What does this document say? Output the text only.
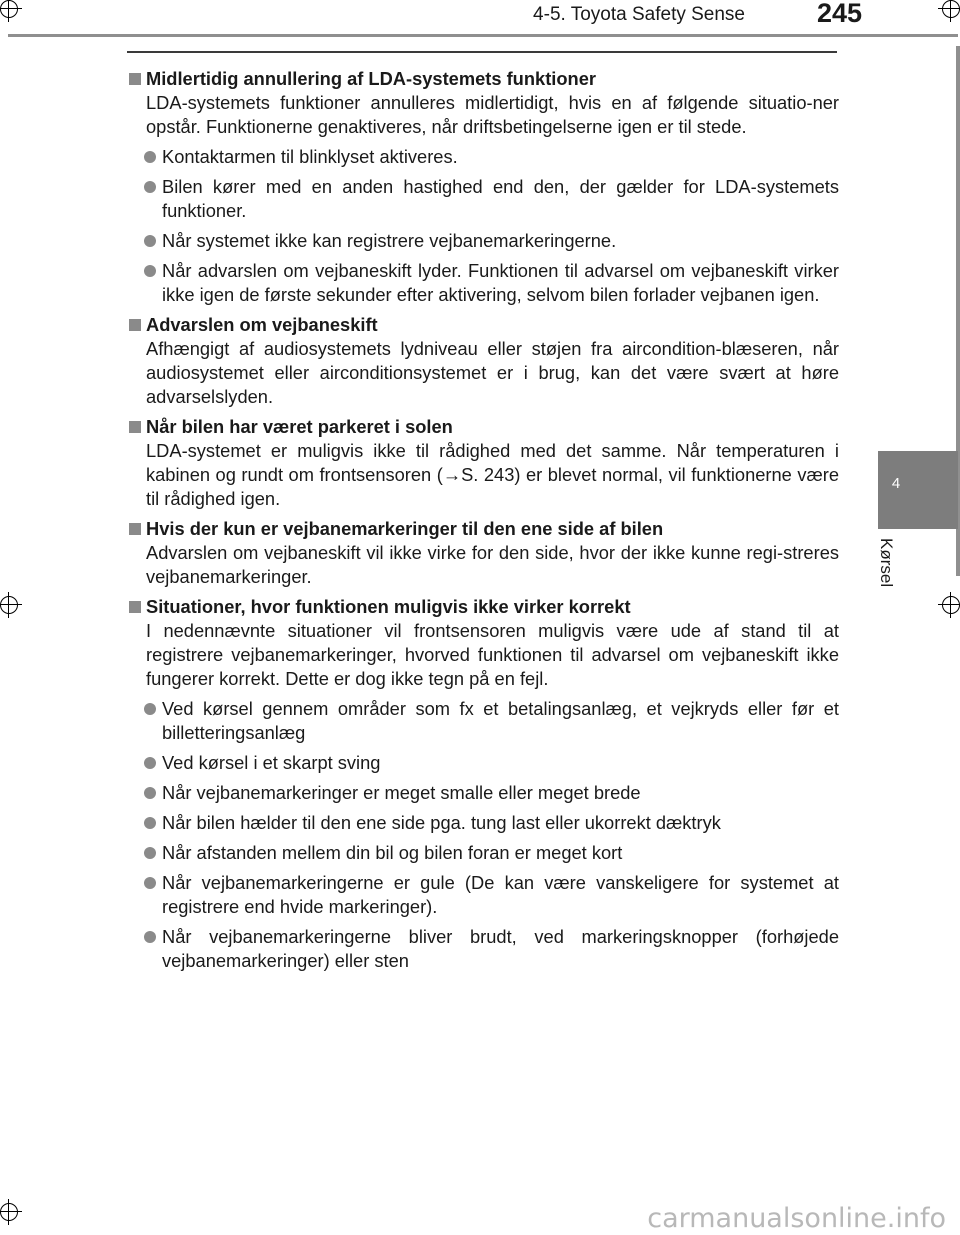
4-5. Toyota Safety Sense	245
4
Kørsel
Midlertidig annullering af LDA-systemets funktioner
LDA-systemets funktioner annulleres midlertidigt, hvis en af følgende situatio-ner opstår. Funktionerne genaktiveres, når driftsbetingelserne igen er til stede.
Kontaktarmen til blinklyset aktiveres.
Bilen kører med en anden hastighed end den, der gælder for LDA-systemets funktioner.
Når systemet ikke kan registrere vejbanemarkeringerne.
Når advarslen om vejbaneskift lyder. Funktionen til advarsel om vejbaneskift virker ikke igen de første sekunder efter aktivering, selvom bilen forlader vejbanen igen.
Advarslen om vejbaneskift
Afhængigt af audiosystemets lydniveau eller støjen fra aircondition-blæseren, når audiosystemet eller airconditionsystemet er i brug, kan det være svært at høre advarselslyden.
Når bilen har været parkeret i solen
LDA-systemet er muligvis ikke til rådighed med det samme. Når temperaturen i kabinen og rundt om frontsensoren (→S. 243) er blevet normal, vil funktionerne være til rådighed igen.
Hvis der kun er vejbanemarkeringer til den ene side af bilen
Advarslen om vejbaneskift vil ikke virke for den side, hvor der ikke kunne regi-streres vejbanemarkeringer.
Situationer, hvor funktionen muligvis ikke virker korrekt
I nedennævnte situationer vil frontsensoren muligvis være ude af stand til at registrere vejbanemarkeringer, hvorved funktionen til advarsel om vejbaneskift ikke fungerer korrekt. Dette er dog ikke tegn på en fejl.
Ved kørsel gennem områder som fx et betalingsanlæg, et vejkryds eller før et billetteringsanlæg
Ved kørsel i et skarpt sving
Når vejbanemarkeringer er meget smalle eller meget brede
Når bilen hælder til den ene side pga. tung last eller ukorrekt dæktryk
Når afstanden mellem din bil og bilen foran er meget kort
Når vejbanemarkeringerne er gule (De kan være vanskeligere for systemet at registrere end hvide markeringer).
Når vejbanemarkeringerne bliver brudt, ved markeringsknopper (forhøjede vejbanemarkeringer) eller sten
carmanualsonline.info
